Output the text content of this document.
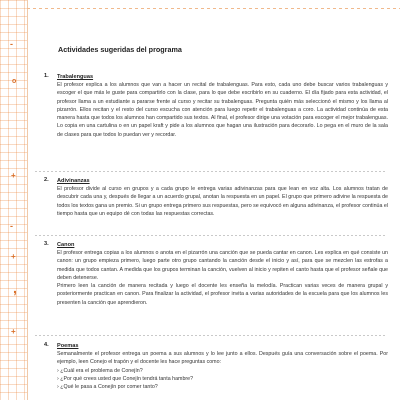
-
o
+
-
+
,
+
Actividades sugeridas del programa
1. Trabalenguas

El profesor explica a los alumnos que van a hacer un recital de trabalenguas. Para esto, cada uno debe buscar varios trabalenguas y escoger el que más le guste para compartirlo con la clase, para lo que debe escribirlo en su cuaderno. El día fijado para esta actividad, el profesor llama a un estudiante a pararse frente al curso y recitar su trabalenguas. Pregunta quién más seleccionó el mismo y los llama al pizarrón. Ellos recitan y el resto del curso escucha con atención para luego repetir el trabalenguas a coro. La actividad continúa de esta manera hasta que todos los alumnos han compartido sus textos. Al final, el profesor dirige una votación para escoger el mejor trabalenguas. Lo copia en una cartulina o en un papel kraft y pide a los alumnos que hagan una ilustración para decorarlo. Lo pega en el muro de la sala de clases para que todos lo puedan ver y recordar.

2. Adivinanzas

El profesor divide al curso en grupos y a cada grupo le entrega varias adivinanzas para que lean en voz alta. Los alumnos tratan de descubrir cada una y, después de llegar a un acuerdo grupal, anotan la respuesta en un papel. El grupo que primero adivine la respuesta de todos los textos gana un premio. Si un grupo entrega primero sus respuestas, pero se equivocó en alguna adivinanza, el profesor continúa el tiempo hasta que un equipo dé con todas las respuestas correctas.

3. Canon

El profesor entrega copias a los alumnos o anota en el pizarrón una canción que se pueda cantar en canon. Les explica en qué consiste un canon: un grupo empieza primero, luego parte otro grupo cantando la canción desde el inicio y así, para que se mezclen las estrofas a medida que todos cantan. A medida que los grupos terminan la canción, vuelven al inicio y repiten el canto hasta que el profesor señale que deben detenerse.

Primero leen la canción de manera recitada y luego el docente les enseña la melodía. Practican varias veces de manera grupal y posteriormente practican en canon. Para finalizar la actividad, el profesor invita a varias autoridades de la escuela para que los alumnos les presenten la canción que aprendieron.

4. Poemas

Semanalmente el profesor entrega un poema a sus alumnos y lo lee junto a ellos. Después guía una conversación sobre el poema. Por ejemplo, leen Conejo el trapón y el docente les hace preguntas como:

› ¿Cuál era el problema de Conejín?
› ¿Por qué crees usted que Conejín tendrá tanta hambre?
› ¿Qué le pasa a Conejín por comer tanto?
